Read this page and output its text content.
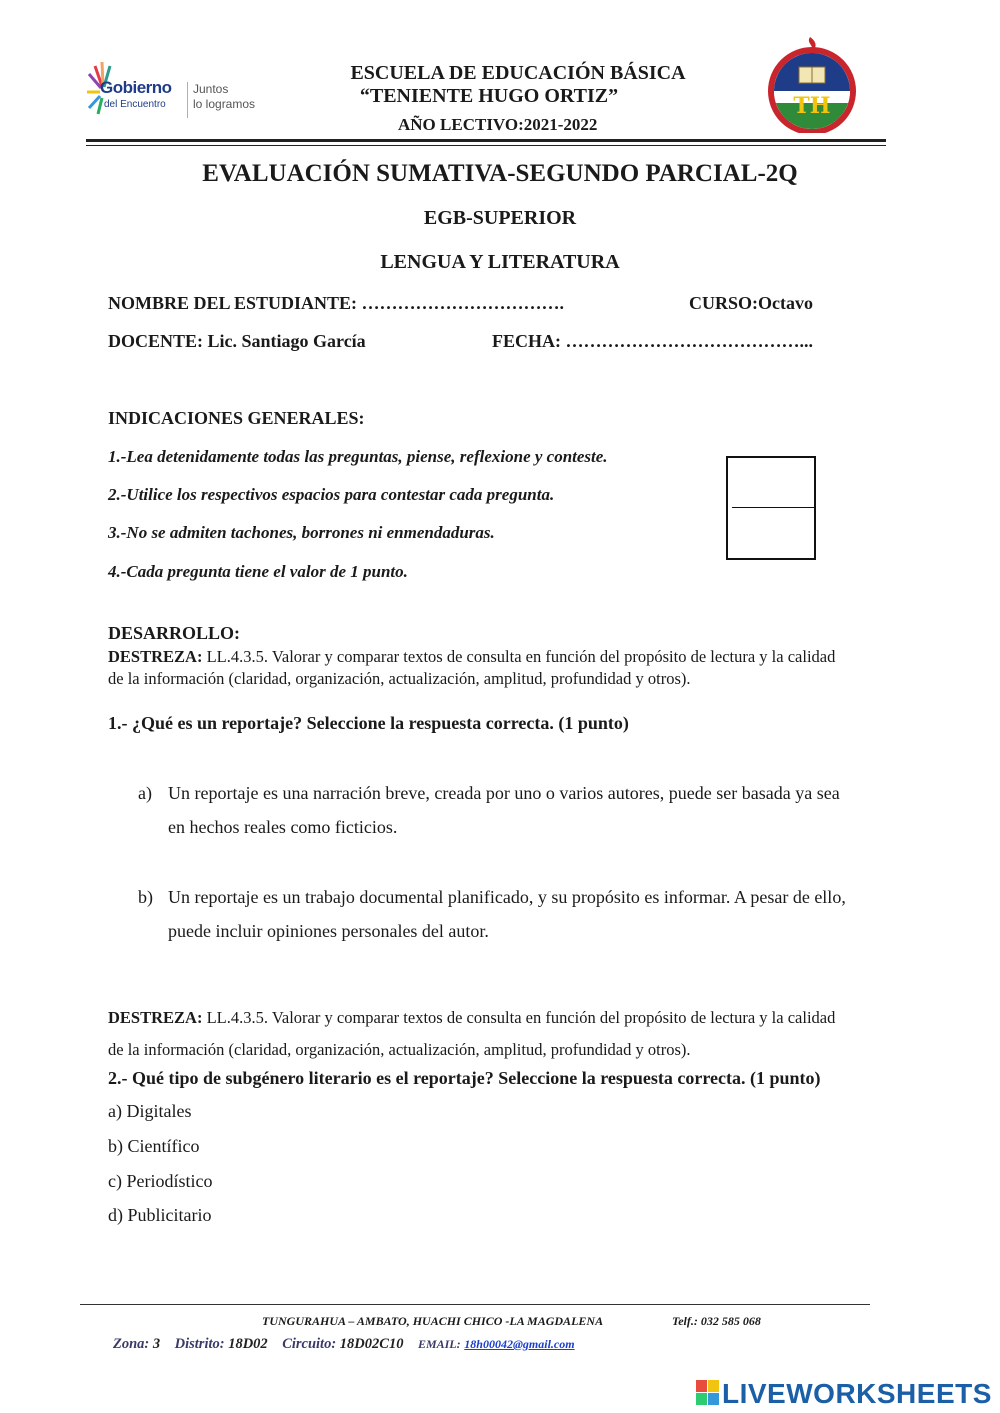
Gobierno
del Encuentro
Juntos
lo logramos
ESCUELA DE EDUCACIÓN BÁSICA
“TENIENTE HUGO ORTIZ”
AÑO LECTIVO:2021-2022
TH
EVALUACIÓN SUMATIVA-SEGUNDO PARCIAL-2Q
EGB-SUPERIOR
LENGUA Y LITERATURA
NOMBRE DEL ESTUDIANTE: …………………………….	CURSO:Octavo
DOCENTE: Lic. Santiago García	FECHA: …………………………………...
INDICACIONES GENERALES:
1.-Lea detenidamente todas las preguntas, piense, reflexione y conteste.
2.-Utilice los respectivos espacios para contestar cada pregunta.
3.-No se admiten tachones, borrones ni enmendaduras.
4.-Cada pregunta tiene el valor de 1 punto.
DESARROLLO:
DESTREZA: LL.4.3.5. Valorar y comparar textos de consulta en función del propósito de lectura y la calidad
de la información (claridad, organización, actualización, amplitud, profundidad y otros).
1.- ¿Qué es un reportaje? Seleccione la respuesta correcta. (1 punto)
a) Un reportaje es una narración breve, creada por uno o varios autores, puede ser basada ya sea
en hechos reales como ficticios.
b) Un reportaje es un trabajo documental planificado, y su propósito es informar. A pesar de ello,
puede incluir opiniones personales del autor.
DESTREZA: LL.4.3.5. Valorar y comparar textos de consulta en función del propósito de lectura y la calidad
de la información (claridad, organización, actualización, amplitud, profundidad y otros).
2.- Qué tipo de subgénero literario es el reportaje? Seleccione la respuesta correcta. (1 punto)
a) Digitales
b) Científico
c) Periodístico
d) Publicitario
TUNGURAHUA – AMBATO, HUACHI CHICO -LA MAGDALENA	Telf.: 032 585 068
Zona: 3 Distrito: 18D02 Circuito: 18D02C10 EMAIL: 18h00042@gmail.com
LIVEWORKSHEETS
